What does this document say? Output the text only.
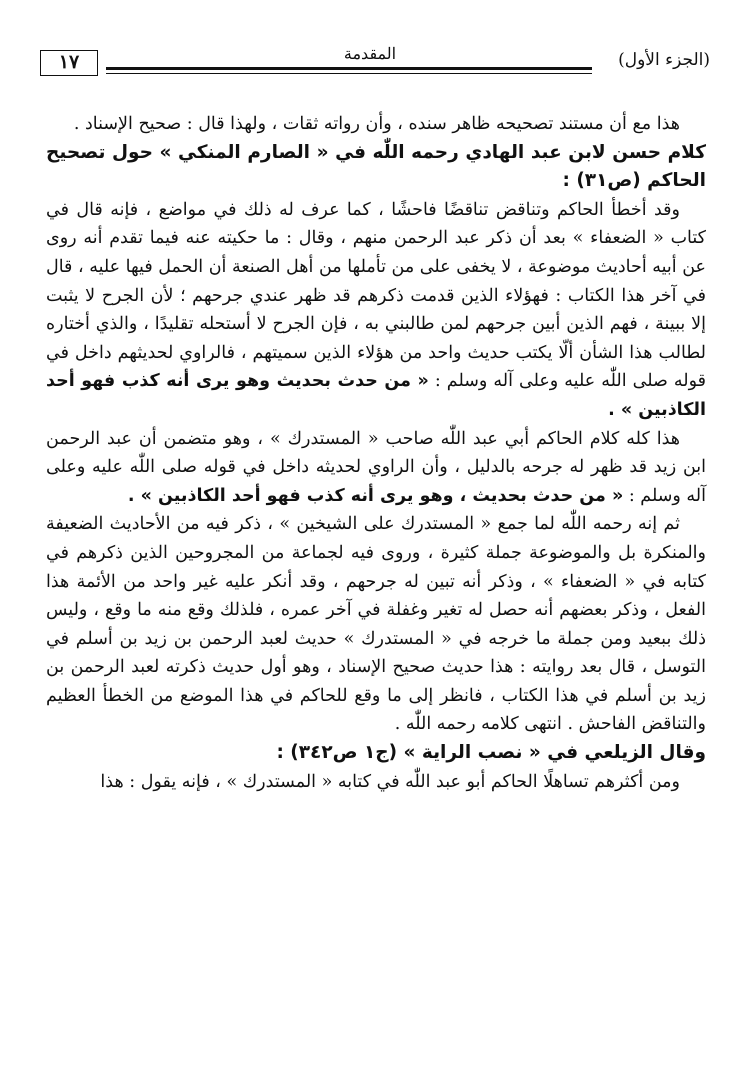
١٧	المقدمة	(الجزء الأول)

هذا مع أن مستند تصحيحه ظاهر سنده ، وأن رواته ثقات ، ولهذا قال : صحيح الإسناد .

كلام حسن لابن عبد الهادي رحمه اللّٰه في « الصارم المنكي » حول تصحيح الحاكم (ص٣١) :

وقد أخطأ الحاكم وتناقض تناقضًا فاحشًا ، كما عرف له ذلك في مواضع ، فإنه قال في كتاب « الضعفاء » بعد أن ذكر عبد الرحمن منهم ، وقال : ما حكيته عنه فيما تقدم أنه روى عن أبيه أحاديث موضوعة ، لا يخفى على من تأملها من أهل الصنعة أن الحمل فيها عليه ، قال في آخر هذا الكتاب : فهؤلاء الذين قدمت ذكرهم قد ظهر عندي جرحهم ؛ لأن الجرح لا يثبت إلا ببينة ، فهم الذين أبين جرحهم لمن طالبني به ، فإن الجرح لا أستحله تقليدًا ، والذي أختاره لطالب هذا الشأن ألّا يكتب حديث واحد من هؤلاء الذين سميتهم ، فالراوي لحديثهم داخل في قوله صلى اللّٰه عليه وعلى آله وسلم : « من حدث بحديث وهو يرى أنه كذب فهو أحد الكاذبين » .

هذا كله كلام الحاكم أبي عبد اللّٰه صاحب « المستدرك » ، وهو متضمن أن عبد الرحمن ابن زيد قد ظهر له جرحه بالدليل ، وأن الراوي لحديثه داخل في قوله صلى اللّٰه عليه وعلى آله وسلم : « من حدث بحديث ، وهو يرى أنه كذب فهو أحد الكاذبين » .

ثم إنه رحمه اللّٰه لما جمع « المستدرك على الشيخين » ، ذكر فيه من الأحاديث الضعيفة والمنكرة بل والموضوعة جملة كثيرة ، وروى فيه لجماعة من المجروحين الذين ذكرهم في كتابه في « الضعفاء » ، وذكر أنه تبين له جرحهم ، وقد أنكر عليه غير واحد من الأئمة هذا الفعل ، وذكر بعضهم أنه حصل له تغير وغفلة في آخر عمره ، فلذلك وقع منه ما وقع ، وليس ذلك ببعيد ومن جملة ما خرجه في « المستدرك » حديث لعبد الرحمن بن زيد بن أسلم في التوسل ، قال بعد روايته : هذا حديث صحيح الإسناد ، وهو أول حديث ذكرته لعبد الرحمن بن زيد بن أسلم في هذا الكتاب ، فانظر إلى ما وقع للحاكم في هذا الموضع من الخطأ العظيم والتناقض الفاحش . انتهى كلامه رحمه اللّٰه .

وقال الزيلعي في « نصب الراية » (ج١ ص٣٤٢) :

ومن أكثرهم تساهلًا الحاكم أبو عبد اللّٰه في كتابه « المستدرك » ، فإنه يقول : هذا
